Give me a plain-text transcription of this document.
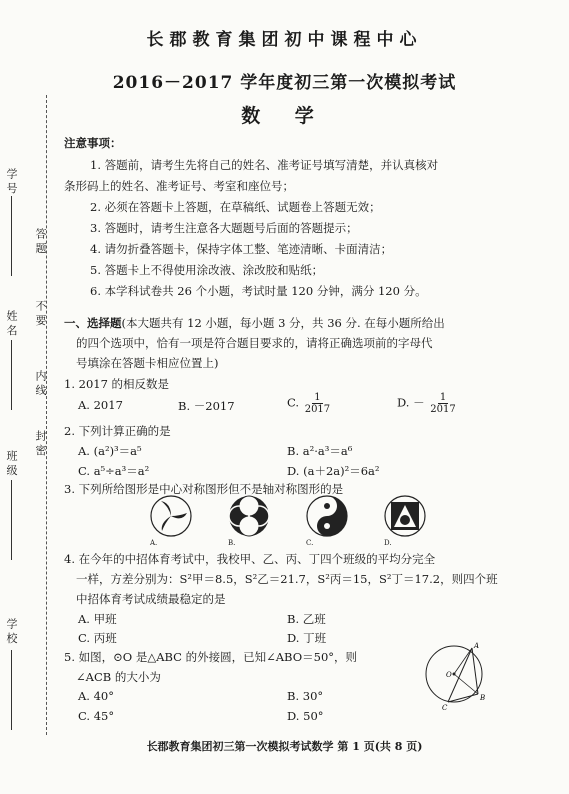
学 号
答 题
姓 名 不 要
内 线
班 级
封 密
学 校
长郡教育集团初中课程中心
2016－2017 学年度初三第一次模拟考试
数 学
注意事项：
1. 答题前，请考生先将自己的姓名、准考证号填写清楚，并认真核对
条形码上的姓名、准考证号、考室和座位号；
2. 必须在答题卡上答题，在草稿纸、试题卷上答题无效；
3. 答题时，请考生注意各大题题号后面的答题提示；
4. 请勿折叠答题卡，保持字体工整、笔迹清晰、卡面清洁；
5. 答题卡上不得使用涂改液、涂改胶和贴纸；
6. 本学科试卷共 26 个小题，考试时量 120 分钟，满分 120 分。
一、选择题(本大题共有 12 小题，每小题 3 分，共 36 分. 在每小题所给出
的四个选项中，恰有一项是符合题目要求的，请将正确选项前的字母代
号填涂在答题卡相应位置上)
1. 2017 的相反数是
A. 2017	B. －2017	C. $\frac{1}{2017}$	D. － $\frac{1}{2017}$
2. 下列计算正确的是
A. (a²)³＝a⁵	B. a²·a³＝a⁶
C. a⁵÷a³＝a²	D. (a＋2a)²＝6a²
3. 下列所给图形是中心对称图形但不是轴对称图形的是
A.	B.	C.	D.
4. 在今年的中招体育考试中，我校甲、乙、丙、丁四个班级的平均分完全
一样，方差分别为：S²甲＝8.5，S²乙＝21.7，S²丙＝15，S²丁＝17.2，则四个班
中招体育考试成绩最稳定的是
A. 甲班	B. 乙班
C. 丙班	D. 丁班
5. 如图，⊙O 是△ABC 的外接圆，已知∠ABO＝50°，则
∠ACB 的大小为
A. 40°	B. 30°
C. 45°	D. 50°
A
O
B
C
长郡教育集团初三第一次模拟考试数学 第 1 页(共 8 页)
